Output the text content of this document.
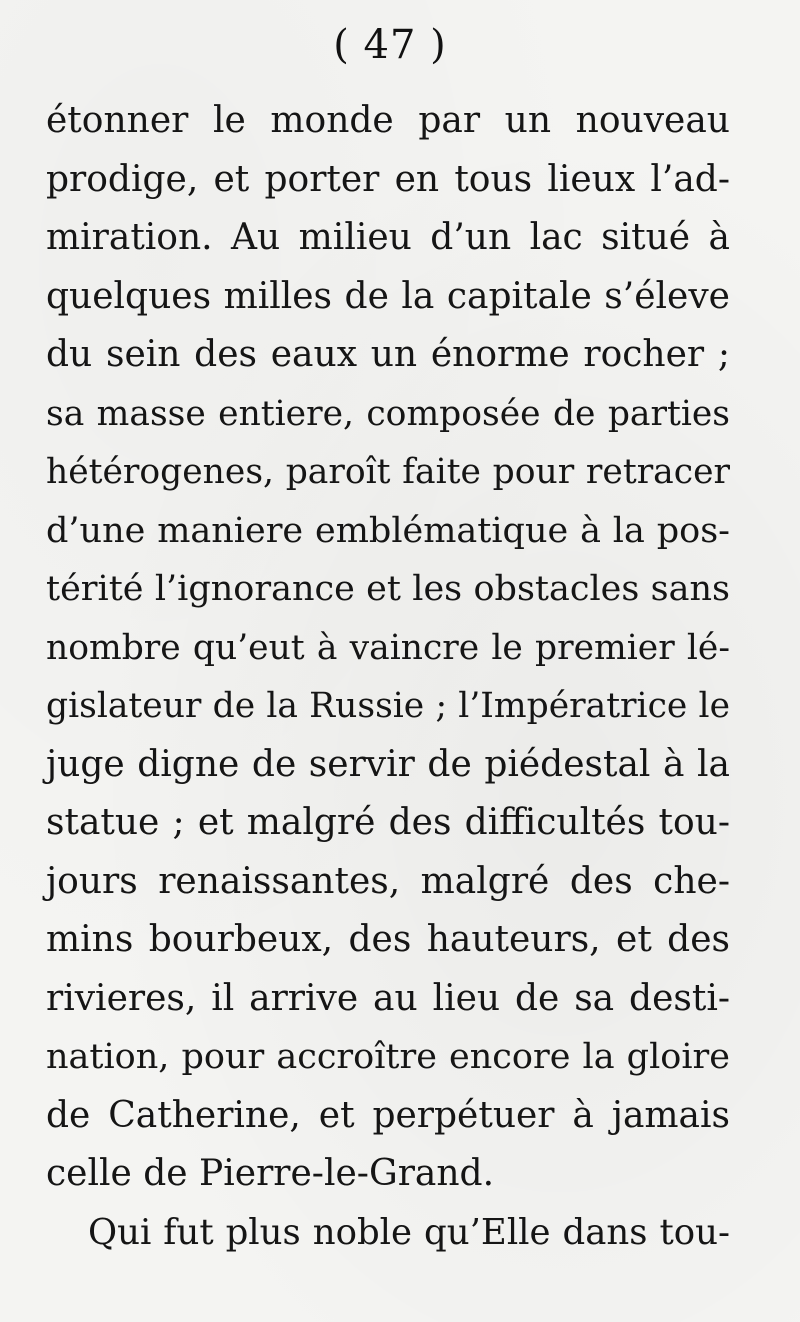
( 47 )
étonner le monde par un nouveau
prodige, et porter en tous lieux l’ad-
miration. Au milieu d’un lac situé à
quelques milles de la capitale s’éleve
du sein des eaux un énorme rocher ;
sa masse entiere, composée de parties
hétérogenes, paroît faite pour retracer
d’une maniere emblématique à la pos-
térité l’ignorance et les obstacles sans
nombre qu’eut à vaincre le premier lé-
gislateur de la Russie ; l’Impératrice le
juge digne de servir de piédestal à la
statue ; et malgré des difficultés tou-
jours renaissantes, malgré des che-
mins bourbeux, des hauteurs, et des
rivieres, il arrive au lieu de sa desti-
nation, pour accroître encore la gloire
de Catherine, et perpétuer à jamais
celle de Pierre-le-Grand.
Qui fut plus noble qu’Elle dans tou-
